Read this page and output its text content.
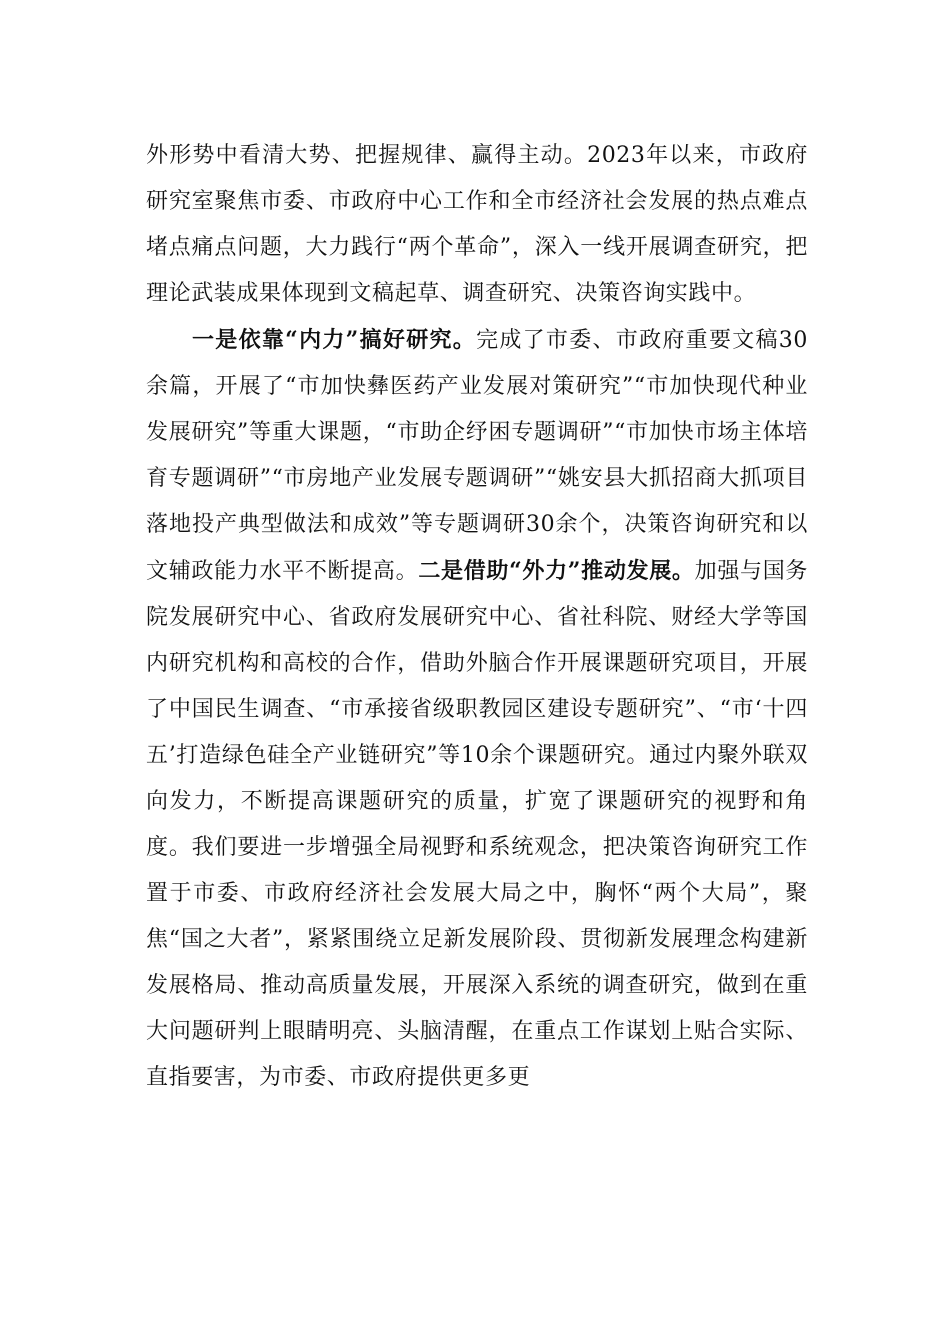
外形势中看清大势、把握规律、赢得主动。2023年以来，市政府研究室聚焦市委、市政府中心工作和全市经济社会发展的热点难点堵点痛点问题，大力践行“两个革命”，深入一线开展调查研究，把理论武装成果体现到文稿起草、调查研究、决策咨询实践中。

一是依靠“内力”搞好研究。完成了市委、市政府重要文稿30余篇，开展了“市加快彝医药产业发展对策研究”“市加快现代种业发展研究”等重大课题，“市助企纾困专题调研”“市加快市场主体培育专题调研”“市房地产业发展专题调研”“姚安县大抓招商大抓项目落地投产典型做法和成效”等专题调研30余个，决策咨询研究和以文辅政能力水平不断提高。二是借助“外力”推动发展。加强与国务院发展研究中心、省政府发展研究中心、省社科院、财经大学等国内研究机构和高校的合作，借助外脑合作开展课题研究项目，开展了中国民生调查、“市承接省级职教园区建设专题研究”、“市‘十四五’打造绿色硅全产业链研究”等10余个课题研究。通过内聚外联双向发力，不断提高课题研究的质量，扩宽了课题研究的视野和角度。我们要进一步增强全局视野和系统观念，把决策咨询研究工作置于市委、市政府经济社会发展大局之中，胸怀“两个大局”，聚焦“国之大者”，紧紧围绕立足新发展阶段、贯彻新发展理念构建新发展格局、推动高质量发展，开展深入系统的调查研究，做到在重大问题研判上眼睛明亮、头脑清醒，在重点工作谋划上贴合实际、直指要害，为市委、市政府提供更多更
